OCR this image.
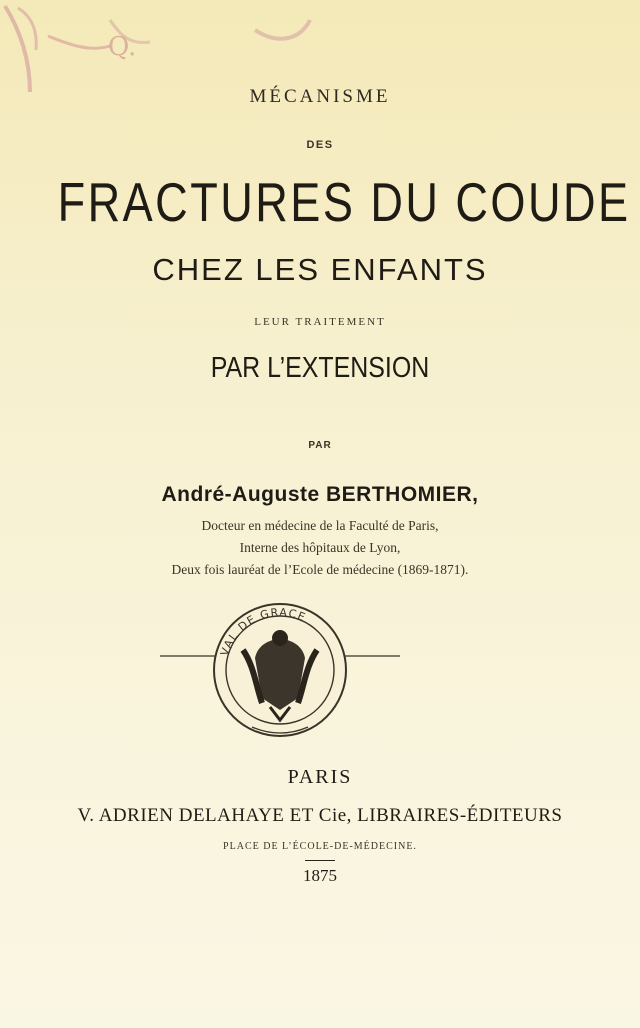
Q.
MÉCANISME
DES
FRACTURES DU COUDE
CHEZ LES ENFANTS
LEUR TRAITEMENT
PAR L’EXTENSION
PAR
André-Auguste BERTHOMIER,
Docteur en médecine de la Faculté de Paris,
Interne des hôpitaux de Lyon,
Deux fois lauréat de l’Ecole de médecine (1869-1871).
VAL DE GRACE
PARIS
V. ADRIEN DELAHAYE ET Cie, LIBRAIRES-ÉDITEURS
PLACE DE L’ÉCOLE-DE-MÉDECINE.
1875
